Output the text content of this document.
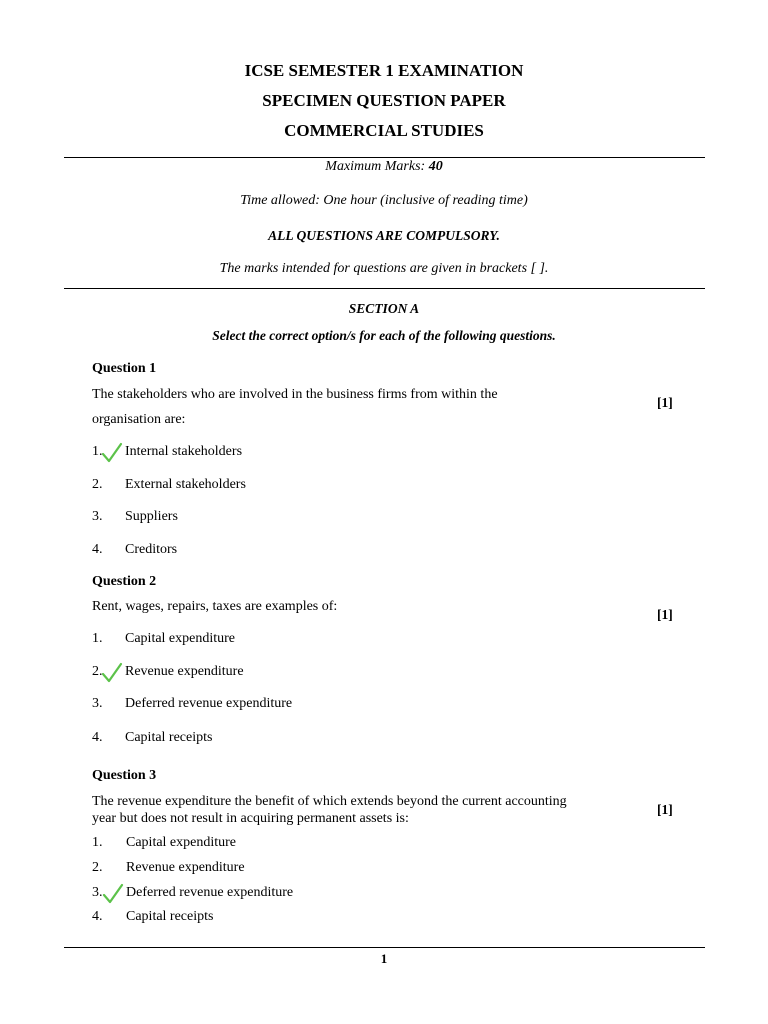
ICSE SEMESTER 1 EXAMINATION
SPECIMEN QUESTION PAPER
COMMERCIAL STUDIES
Maximum Marks: 40
Time allowed: One hour (inclusive of reading time)
ALL QUESTIONS ARE COMPULSORY.
The marks intended for questions are given in brackets [ ].
SECTION A
Select the correct option/s for each of the following questions.
Question 1
The stakeholders who are involved in the business firms from within the
organisation are:
[1]
1. Internal stakeholders
2. External stakeholders
3. Suppliers
4. Creditors
Question 2
Rent, wages, repairs, taxes are examples of:
[1]
1. Capital expenditure
2. Revenue expenditure
3. Deferred revenue expenditure
4. Capital receipts
Question 3
The revenue expenditure the benefit of which extends beyond the current accounting
year but does not result in acquiring permanent assets is:
[1]
1. Capital expenditure
2. Revenue expenditure
3. Deferred revenue expenditure
4. Capital receipts
1
